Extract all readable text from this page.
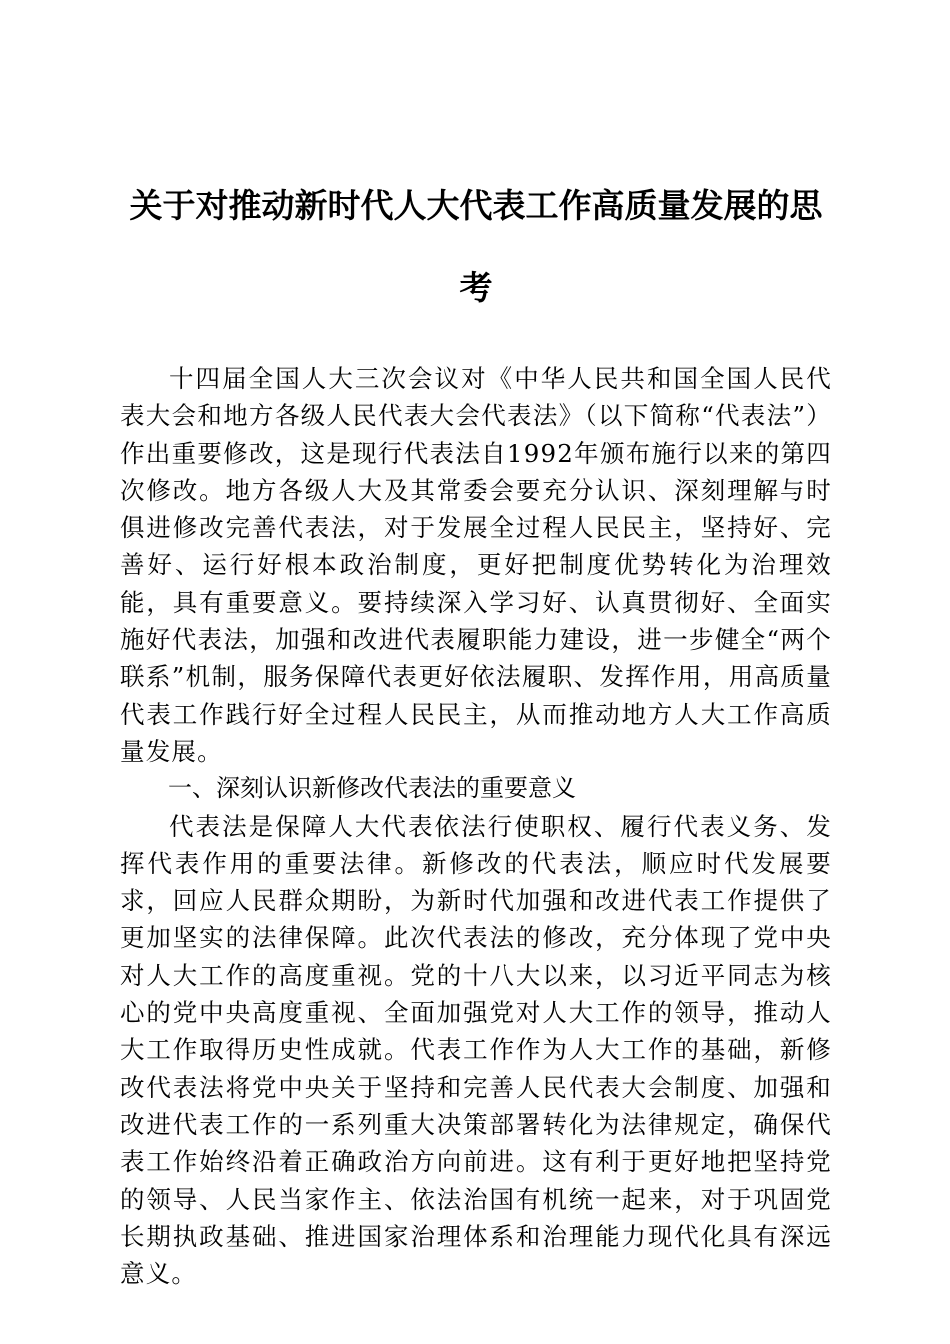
关于对推动新时代人大代表工作高质量发展的思考

十四届全国人大三次会议对《中华人民共和国全国人民代表大会和地方各级人民代表大会代表法》（以下简称“代表法”）作出重要修改，这是现行代表法自1992年颁布施行以来的第四次修改。地方各级人大及其常委会要充分认识、深刻理解与时俱进修改完善代表法，对于发展全过程人民民主，坚持好、完善好、运行好根本政治制度，更好把制度优势转化为治理效能，具有重要意义。要持续深入学习好、认真贯彻好、全面实施好代表法，加强和改进代表履职能力建设，进一步健全“两个联系”机制，服务保障代表更好依法履职、发挥作用，用高质量代表工作践行好全过程人民民主，从而推动地方人大工作高质量发展。

一、深刻认识新修改代表法的重要意义

代表法是保障人大代表依法行使职权、履行代表义务、发挥代表作用的重要法律。新修改的代表法，顺应时代发展要求，回应人民群众期盼，为新时代加强和改进代表工作提供了更加坚实的法律保障。此次代表法的修改，充分体现了党中央对人大工作的高度重视。党的十八大以来，以习近平同志为核心的党中央高度重视、全面加强党对人大工作的领导，推动人大工作取得历史性成就。代表工作作为人大工作的基础，新修改代表法将党中央关于坚持和完善人民代表大会制度、加强和改进代表工作的一系列重大决策部署转化为法律规定，确保代表工作始终沿着正确政治方向前进。这有利于更好地把坚持党的领导、人民当家作主、依法治国有机统一起来，对于巩固党长期执政基础、推进国家治理体系和治理能力现代化具有深远意义。
